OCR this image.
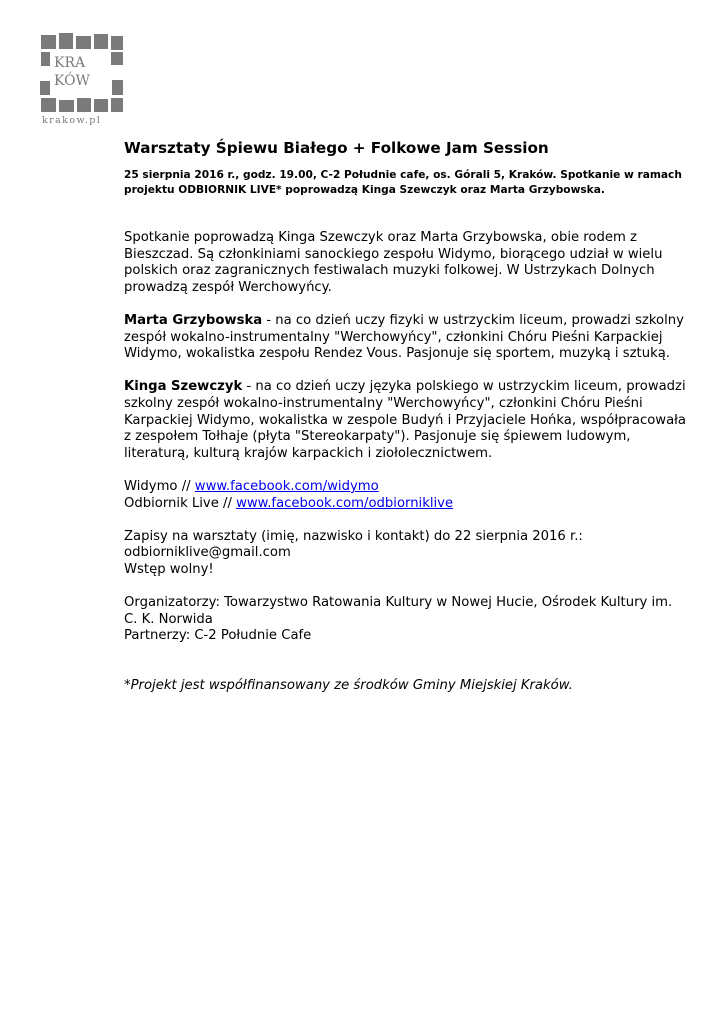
KRA
KÓW
krakow.pl
Warsztaty Śpiewu Białego + Folkowe Jam Session
25 sierpnia 2016 r., godz. 19.00, C-2 Południe cafe, os. Górali 5, Kraków. Spotkanie w ramach
projektu ODBIORNIK LIVE* poprowadzą Kinga Szewczyk oraz Marta Grzybowska.
Spotkanie poprowadzą Kinga Szewczyk oraz Marta Grzybowska, obie rodem z
Bieszczad. Są członkiniami sanockiego zespołu Widymo, biorącego udział w wielu
polskich oraz zagranicznych festiwalach muzyki folkowej. W Ustrzykach Dolnych
prowadzą zespół Werchowyńcy.
Marta Grzybowska - na co dzień uczy fizyki w ustrzyckim liceum, prowadzi szkolny
zespół wokalno-instrumentalny "Werchowyńcy", członkini Chóru Pieśni Karpackiej
Widymo, wokalistka zespołu Rendez Vous. Pasjonuje się sportem, muzyką i sztuką.
Kinga Szewczyk - na co dzień uczy języka polskiego w ustrzyckim liceum, prowadzi
szkolny zespół wokalno-instrumentalny "Werchowyńcy", członkini Chóru Pieśni
Karpackiej Widymo, wokalistka w zespole Budyń i Przyjaciele Hońka, współpracowała
z zespołem Tołhaje (płyta "Stereokarpaty"). Pasjonuje się śpiewem ludowym,
literaturą, kulturą krajów karpackich i ziołolecznictwem.
Widymo // www.facebook.com/widymo
Odbiornik Live // www.facebook.com/odbiorniklive
Zapisy na warsztaty (imię, nazwisko i kontakt) do 22 sierpnia 2016 r.:
odbiorniklive@gmail.com
Wstęp wolny!
Organizatorzy: Towarzystwo Ratowania Kultury w Nowej Hucie, Ośrodek Kultury im.
C. K. Norwida
Partnerzy: C-2 Południe Cafe
*Projekt jest współfinansowany ze środków Gminy Miejskiej Kraków.
